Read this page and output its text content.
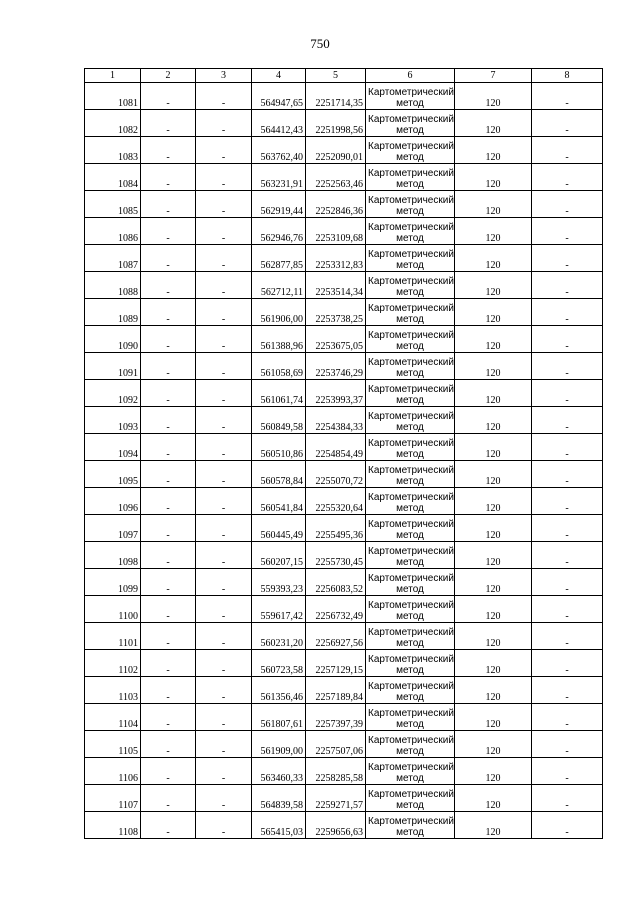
750
1	2	3	4	5	6	7	8
1081	-	-	564947,65	2251714,35	Картометрический
метод	120	-
1082	-	-	564412,43	2251998,56	Картометрический
метод	120	-
1083	-	-	563762,40	2252090,01	Картометрический
метод	120	-
1084	-	-	563231,91	2252563,46	Картометрический
метод	120	-
1085	-	-	562919,44	2252846,36	Картометрический
метод	120	-
1086	-	-	562946,76	2253109,68	Картометрический
метод	120	-
1087	-	-	562877,85	2253312,83	Картометрический
метод	120	-
1088	-	-	562712,11	2253514,34	Картометрический
метод	120	-
1089	-	-	561906,00	2253738,25	Картометрический
метод	120	-
1090	-	-	561388,96	2253675,05	Картометрический
метод	120	-
1091	-	-	561058,69	2253746,29	Картометрический
метод	120	-
1092	-	-	561061,74	2253993,37	Картометрический
метод	120	-
1093	-	-	560849,58	2254384,33	Картометрический
метод	120	-
1094	-	-	560510,86	2254854,49	Картометрический
метод	120	-
1095	-	-	560578,84	2255070,72	Картометрический
метод	120	-
1096	-	-	560541,84	2255320,64	Картометрический
метод	120	-
1097	-	-	560445,49	2255495,36	Картометрический
метод	120	-
1098	-	-	560207,15	2255730,45	Картометрический
метод	120	-
1099	-	-	559393,23	2256083,52	Картометрический
метод	120	-
1100	-	-	559617,42	2256732,49	Картометрический
метод	120	-
1101	-	-	560231,20	2256927,56	Картометрический
метод	120	-
1102	-	-	560723,58	2257129,15	Картометрический
метод	120	-
1103	-	-	561356,46	2257189,84	Картометрический
метод	120	-
1104	-	-	561807,61	2257397,39	Картометрический
метод	120	-
1105	-	-	561909,00	2257507,06	Картометрический
метод	120	-
1106	-	-	563460,33	2258285,58	Картометрический
метод	120	-
1107	-	-	564839,58	2259271,57	Картометрический
метод	120	-
1108	-	-	565415,03	2259656,63	Картометрический
метод	120	-
